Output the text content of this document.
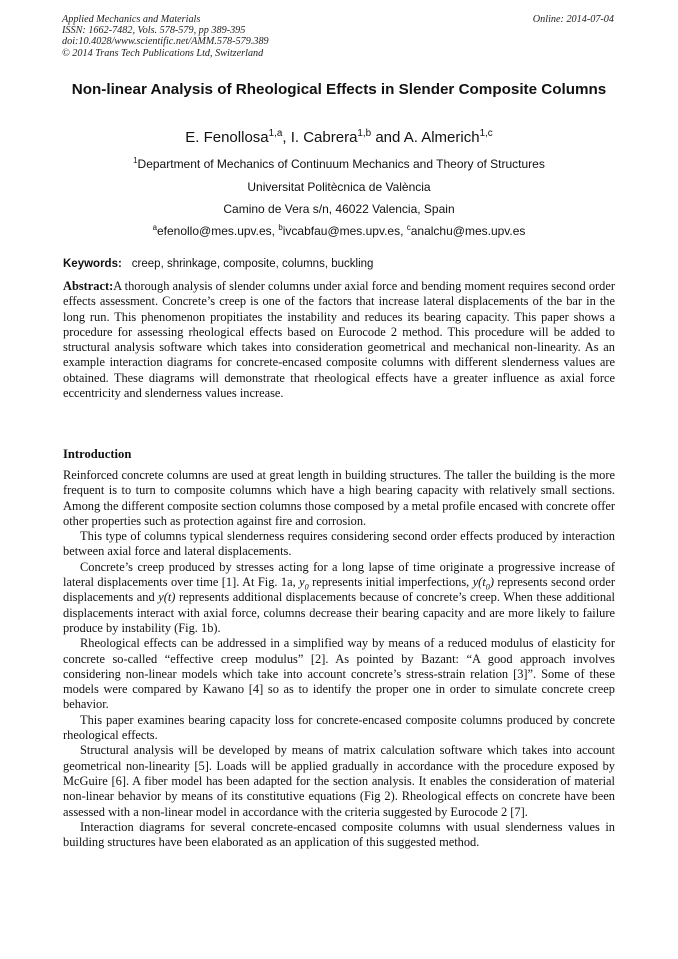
Applied Mechanics and Materials
ISSN: 1662-7482, Vols. 578-579, pp 389-395
doi:10.4028/www.scientific.net/AMM.578-579.389
© 2014 Trans Tech Publications Ltd, Switzerland
Online: 2014-07-04
Non-linear Analysis of Rheological Effects in Slender Composite Columns
E. Fenollosa$^{1,a}$, I. Cabrera$^{1,b}$ and A. Almerich$^{1,c}$
$^1$Department of Mechanics of Continuum Mechanics and Theory of Structures
Universitat Politècnica de València
Camino de Vera s/n, 46022 Valencia, Spain
$^a$efenollo@mes.upv.es, $^b$ivcabfau@mes.upv.es, $^c$analchu@mes.upv.es
Keywords: creep, shrinkage, composite, columns, buckling

Abstract:A thorough analysis of slender columns under axial force and bending moment requires second order effects assessment. Concrete’s creep is one of the factors that increase lateral displacements of the bar in the long run. This phenomenon propitiates the instability and reduces its bearing capacity. This paper shows a procedure for assessing rheological effects based on Eurocode 2 method. This procedure will be added to structural analysis software which takes into consideration geometrical and mechanical non-linearity. As an example interaction diagrams for concrete-encased composite columns with different slenderness values are obtained. These diagrams will demonstrate that rheological effects have a greater influence as axial force eccentricity and slenderness values increase.

Introduction

Reinforced concrete columns are used at great length in building structures. The taller the building is the more frequent is to turn to composite columns which have a high bearing capacity with relatively small sections. Among the different composite section columns those composed by a metal profile encased with concrete offer other properties such as protection against fire and corrosion.

This type of columns typical slenderness requires considering second order effects produced by interaction between axial force and lateral displacements.

Concrete’s creep produced by stresses acting for a long lapse of time originate a progressive increase of lateral displacements over time [1]. At Fig. 1a, $y_0$ represents initial imperfections, $y(t_0)$ represents second order displacements and y(t) represents additional displacements because of concrete’s creep. When these additional displacements interact with axial force, columns decrease their bearing capacity and are more likely to failure produce by instability (Fig. 1b).

Rheological effects can be addressed in a simplified way by means of a reduced modulus of elasticity for concrete so-called “effective creep modulus” [2]. As pointed by Bazant: “A good approach involves considering non-linear models which take into account concrete’s stress-strain relation [3]”. Some of these models were compared by Kawano [4] so as to identify the proper one in order to simulate concrete creep behavior.

This paper examines bearing capacity loss for concrete-encased composite columns produced by concrete rheological effects.

Structural analysis will be developed by means of matrix calculation software which takes into account geometrical non-linearity [5]. Loads will be applied gradually in accordance with the procedure exposed by McGuire [6]. A fiber model has been adapted for the section analysis. It enables the consideration of material non-linear behavior by means of its constitutive equations (Fig 2). Rheological effects on concrete have been assessed with a non-linear model in accordance with the criteria suggested by Eurocode 2 [7].

Interaction diagrams for several concrete-encased composite columns with usual slenderness values in building structures have been elaborated as an application of this suggested method.
